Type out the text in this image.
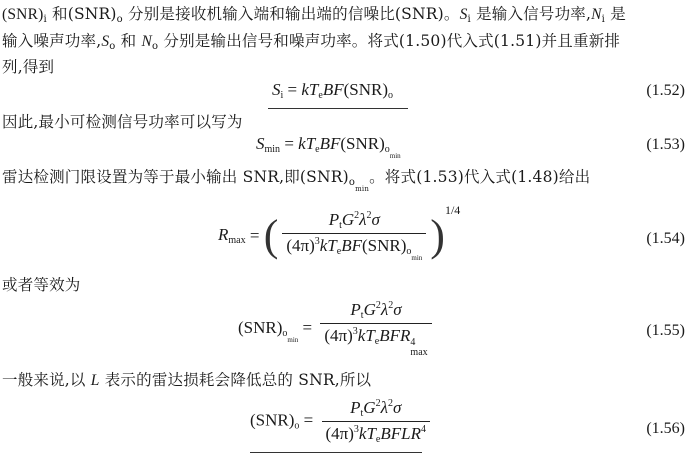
$(SNR)_i$ 和$(SNR)_o$ 分别是接收机输入端和输出端的信噪比(SNR)。$S_i$ 是输入信号功率$,N_i$ 是
输入噪声功率$,S_o$ 和 $N_o$ 分别是输出信号和噪声功率。将式(1.50)代入式(1.51)并且重新排
列,得到
$S_i = kT_eBF(SNR)_o$	(1.52)
因此,最小可检测信号功率可以写为
$S_{min} = kT_eBF(SNR)_{o_{min}}$
(1.53)
雷达检测门限设置为等于最小输出 SNR,即$(SNR)_{o_{min}}$。将式(1.53)代入式(1.48)给出
$R_{max}$ = ( $\frac{P_tG^2\lambda^2\sigma}{(4\pi)^3kT_eBF(SNR)_{o_{min}}} )^{1/4}$
(1.54)
或者等效为
$(SNR)_{o_{min}} = P_tG^2\lambda^2\sigma$
$(4\pi)^3kT_eBFR$ 4
max	(1.55)
一般来说,以 L 表示的雷达损耗会降低总的 SNR,所以
$(SNR)_o = \frac{P_tG^2\lambda^2\sigma}{(4\pi)^3kT_eBFLR^4}$	(1.56)
